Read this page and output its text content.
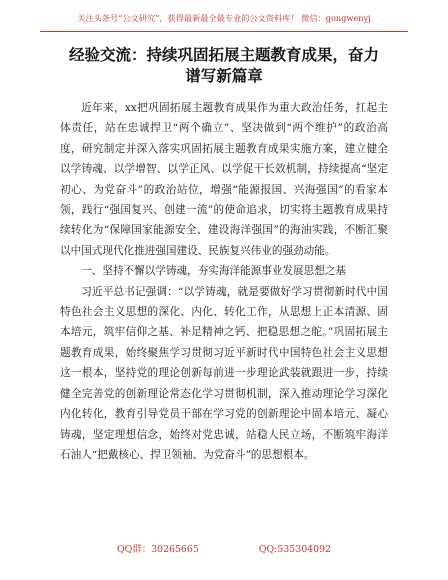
关注头条号“公文研究”，获得最新最全最专业的公文资料库！ 微信：gongwenyj
经验交流：持续巩固拓展主题教育成果，奋力
谱写新篇章

近年来，xx把巩固拓展主题教育成果作为重大政治任务，扛起主体责任，站在忠诚捍卫“两个确立”、坚决做到“两个维护”的政治高度，研究制定并深入落实巩固拓展主题教育成果实施方案，建立健全以学铸魂、以学增智、以学正风、以学促干长效机制，持续提高“坚定初心、为党奋斗”的政治站位，增强“能源报国、兴海强国”的看家本领，践行“强国复兴、创建一流”的使命追求，切实将主题教育成果持续转化为“保障国家能源安全、建设海洋强国”的海油实践，不断汇聚以中国式现代化推进强国建设、民族复兴伟业的强劲动能。

一、坚持不懈以学铸魂，夯实海洋能源事业发展思想之基

习近平总书记强调：“以学铸魂，就是要做好学习贯彻新时代中国特色社会主义思想的深化、内化、转化工作，从思想上正本清源、固本培元，筑牢信仰之基、补足精神之钙、把稳思想之舵。”巩固拓展主题教育成果，始终聚焦学习贯彻习近平新时代中国特色社会主义思想这一根本，坚持党的理论创新每前进一步理论武装就跟进一步，持续健全完善党的创新理论常态化学习贯彻机制，深入推动理论学习深化内化转化，教育引导党员干部在学习党的创新理论中固本培元、凝心铸魂，坚定理想信念，始终对党忠诚，站稳人民立场，不断筑牢海洋石油人“把戴核心、捍卫领袖、为党奋斗”的思想根本。

QQ群：30265665	QQ:535304092
